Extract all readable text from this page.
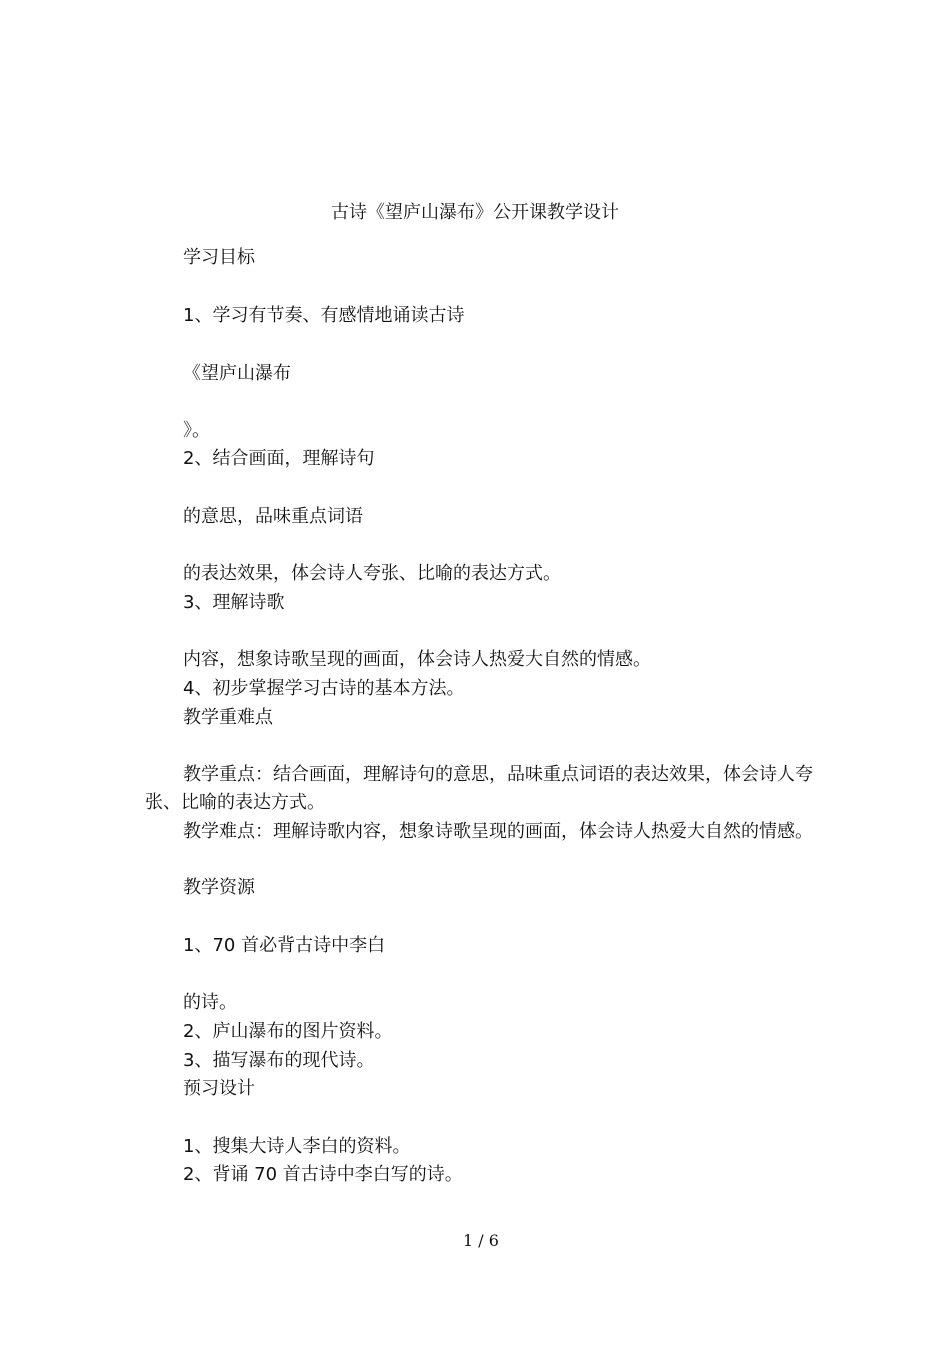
古诗《望庐山瀑布》公开课教学设计
学习目标
1、学习有节奏、有感情地诵读古诗
《望庐山瀑布
》。
2、结合画面，理解诗句
的意思，品味重点词语
的表达效果，体会诗人夸张、比喻的表达方式。
3、理解诗歌
内容，想象诗歌呈现的画面，体会诗人热爱大自然的情感。
4、初步掌握学习古诗的基本方法。
教学重难点
教学重点：结合画面，理解诗句的意思，品味重点词语的表达效果，体会诗人夸张、比喻的表达方式。
教学难点：理解诗歌内容，想象诗歌呈现的画面，体会诗人热爱大自然的情感。
教学资源
1、70 首必背古诗中李白
的诗。
2、庐山瀑布的图片资料。
3、描写瀑布的现代诗。
预习设计
1、搜集大诗人李白的资料。
2、背诵 70 首古诗中李白写的诗。
1 / 6
